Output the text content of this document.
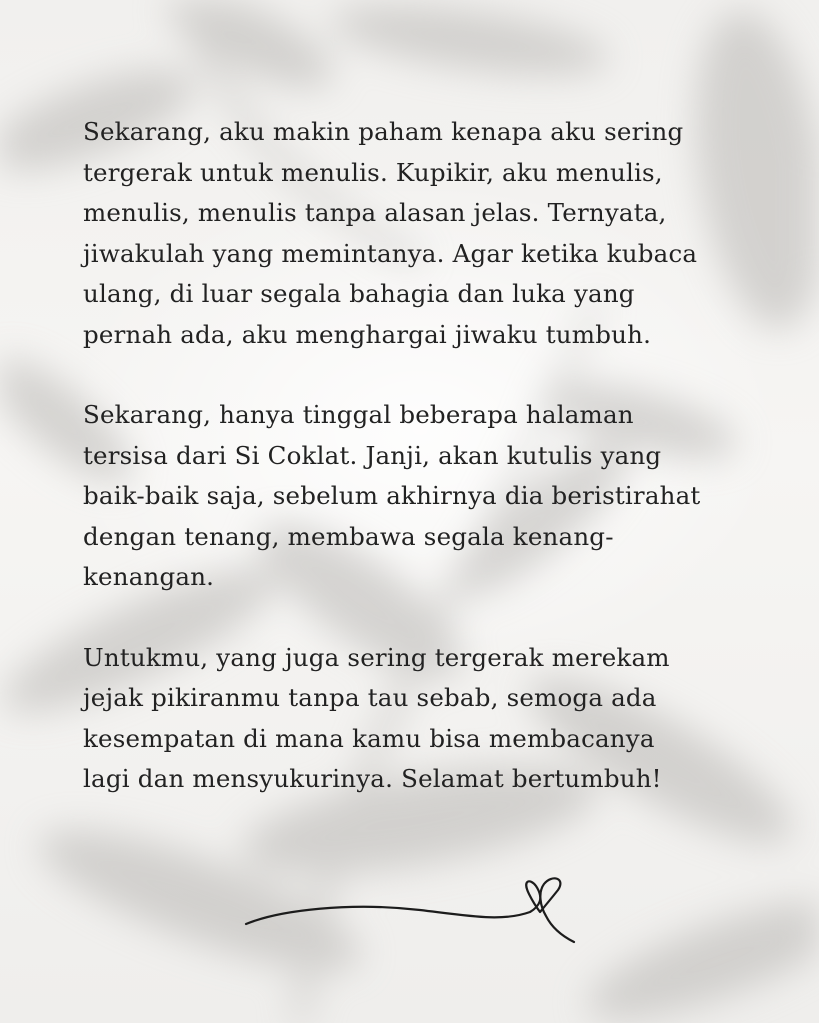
Sekarang, aku makin paham kenapa aku sering
tergerak untuk menulis. Kupikir, aku menulis,
menulis, menulis tanpa alasan jelas. Ternyata,
jiwakulah yang memintanya. Agar ketika kubaca
ulang, di luar segala bahagia dan luka yang
pernah ada, aku menghargai jiwaku tumbuh.

Sekarang, hanya tinggal beberapa halaman
tersisa dari Si Coklat. Janji, akan kutulis yang
baik-baik saja, sebelum akhirnya dia beristirahat
dengan tenang, membawa segala kenang-
kenangan.

Untukmu, yang juga sering tergerak merekam
jejak pikiranmu tanpa tau sebab, semoga ada
kesempatan di mana kamu bisa membacanya
lagi dan mensyukurinya. Selamat bertumbuh!
